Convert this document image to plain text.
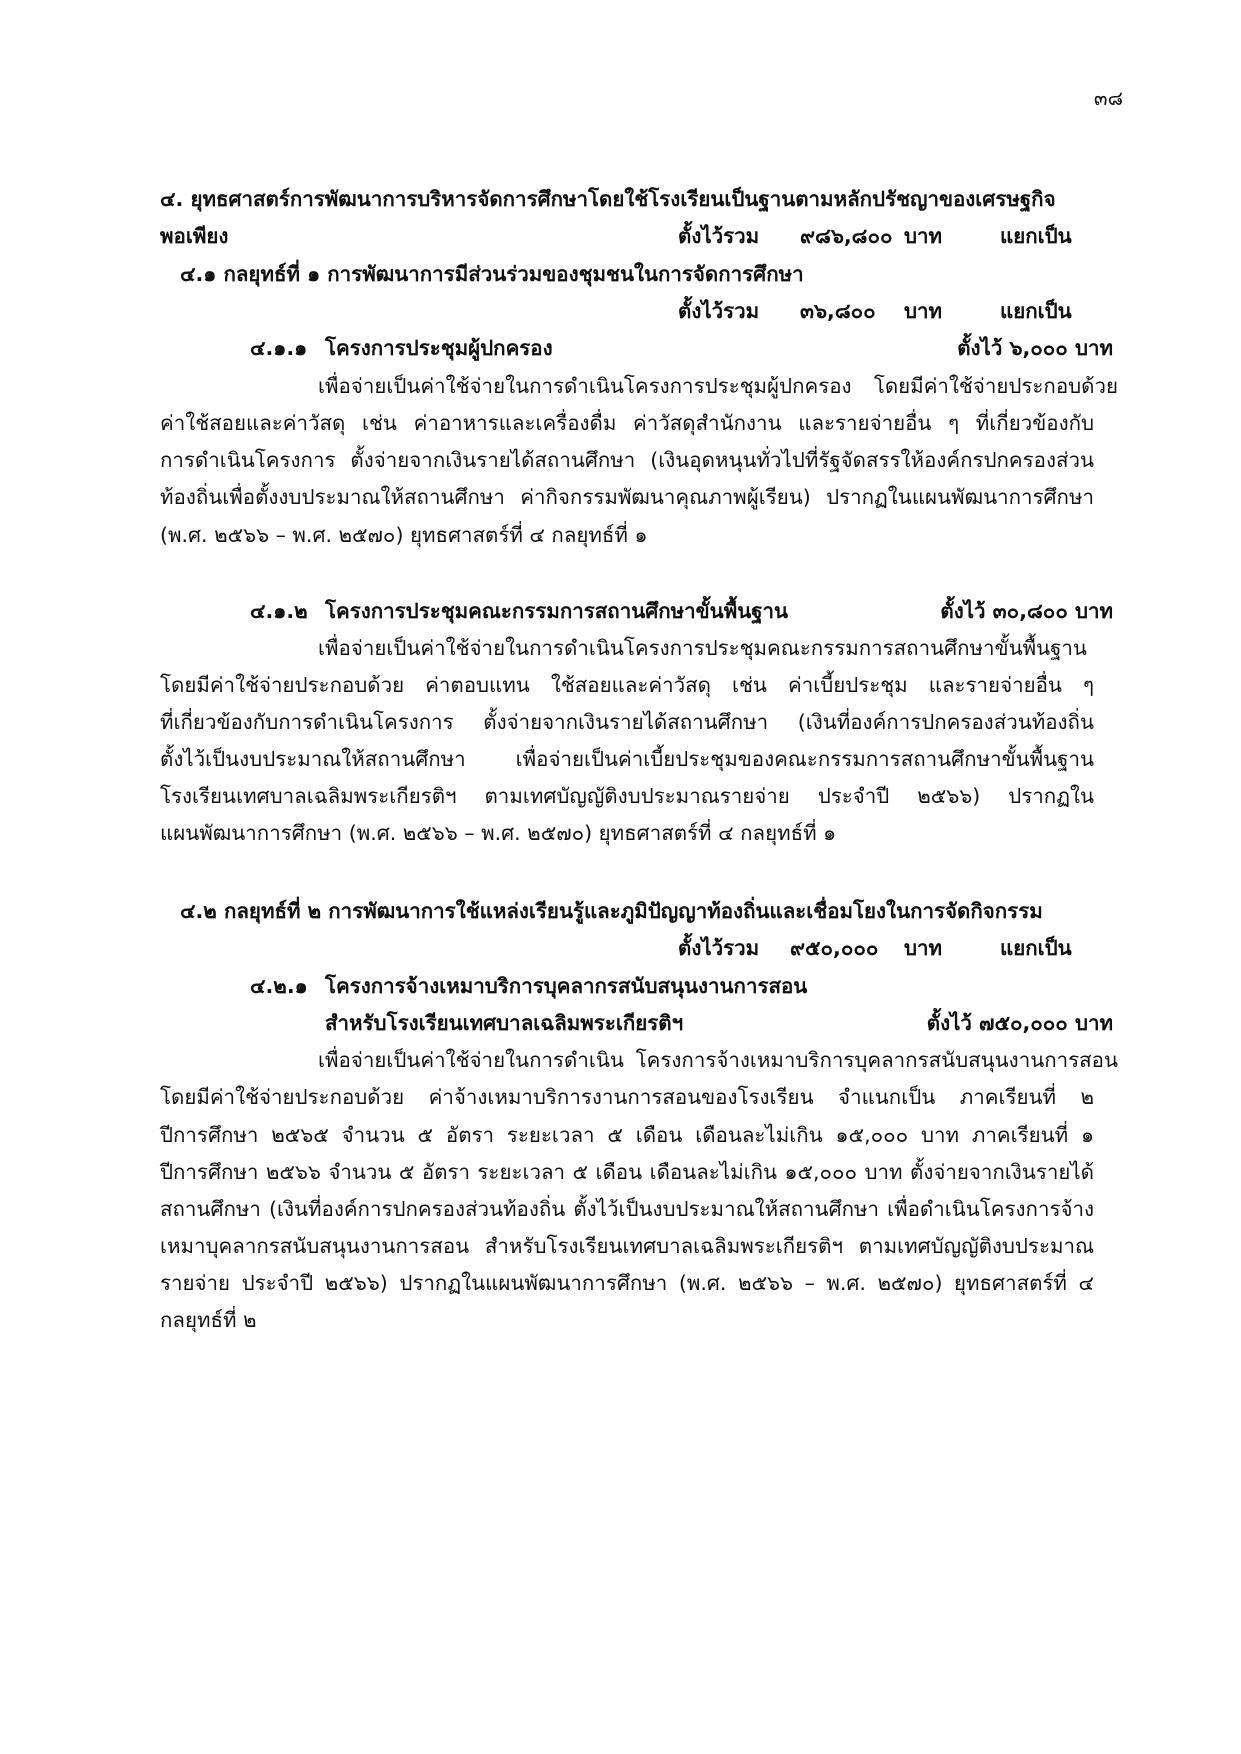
๓๘
๔. ยุทธศาสตร์การพัฒนาการบริหารจัดการศึกษาโดยใช้โรงเรียนเป็นฐานตามหลักปรัชญาของเศรษฐกิจ
พอเพียง	ตั้งไว้รวม ๙๘๖,๘๐๐ บาท	แยกเป็น
๔.๑ กลยุทธ์ที่ ๑ การพัฒนาการมีส่วนร่วมของชุมชนในการจัดการศึกษา
ตั้งไว้รวม ๓๖,๘๐๐ บาท	แยกเป็น
๔.๑.๑ โครงการประชุมผู้ปกครอง	ตั้งไว้ ๖,๐๐๐ บาท
เพื่อจ่ายเป็นค่าใช้จ่ายในการดำเนินโครงการประชุมผู้ปกครอง โดยมีค่าใช้จ่ายประกอบด้วย
ค่าใช้สอยและค่าวัสดุ เช่น ค่าอาหารและเครื่องดื่ม ค่าวัสดุสำนักงาน และรายจ่ายอื่น ๆ ที่เกี่ยวข้องกับ
การดำเนินโครงการ ตั้งจ่ายจากเงินรายได้สถานศึกษา (เงินอุดหนุนทั่วไปที่รัฐจัดสรรให้องค์กรปกครองส่วน
ท้องถิ่นเพื่อตั้งงบประมาณให้สถานศึกษา ค่ากิจกรรมพัฒนาคุณภาพผู้เรียน) ปรากฏในแผนพัฒนาการศึกษา
(พ.ศ. ๒๕๖๖ – พ.ศ. ๒๕๗๐) ยุทธศาสตร์ที่ ๔ กลยุทธ์ที่ ๑
๔.๑.๒ โครงการประชุมคณะกรรมการสถานศึกษาขั้นพื้นฐาน	ตั้งไว้ ๓๐,๘๐๐ บาท
เพื่อจ่ายเป็นค่าใช้จ่ายในการดำเนินโครงการประชุมคณะกรรมการสถานศึกษาขั้นพื้นฐาน
โดยมีค่าใช้จ่ายประกอบด้วย ค่าตอบแทน ใช้สอยและค่าวัสดุ เช่น ค่าเบี้ยประชุม และรายจ่ายอื่น ๆ
ที่เกี่ยวข้องกับการดำเนินโครงการ ตั้งจ่ายจากเงินรายได้สถานศึกษา (เงินที่องค์การปกครองส่วนท้องถิ่น
ตั้งไว้เป็นงบประมาณให้สถานศึกษา เพื่อจ่ายเป็นค่าเบี้ยประชุมของคณะกรรมการสถานศึกษาขั้นพื้นฐาน
โรงเรียนเทศบาลเฉลิมพระเกียรติฯ ตามเทศบัญญัติงบประมาณรายจ่าย ประจำปี ๒๕๖๖) ปรากฏใน
แผนพัฒนาการศึกษา (พ.ศ. ๒๕๖๖ – พ.ศ. ๒๕๗๐) ยุทธศาสตร์ที่ ๔ กลยุทธ์ที่ ๑
๔.๒ กลยุทธ์ที่ ๒ การพัฒนาการใช้แหล่งเรียนรู้และภูมิปัญญาท้องถิ่นและเชื่อมโยงในการจัดกิจกรรม
ตั้งไว้รวม ๙๕๐,๐๐๐ บาท	แยกเป็น
๔.๒.๑ โครงการจ้างเหมาบริการบุคลากรสนับสนุนงานการสอน
สำหรับโรงเรียนเทศบาลเฉลิมพระเกียรติฯ	ตั้งไว้ ๗๕๐,๐๐๐ บาท
เพื่อจ่ายเป็นค่าใช้จ่ายในการดำเนิน โครงการจ้างเหมาบริการบุคลากรสนับสนุนงานการสอน
โดยมีค่าใช้จ่ายประกอบด้วย ค่าจ้างเหมาบริการงานการสอนของโรงเรียน จำแนกเป็น ภาคเรียนที่ ๒
ปีการศึกษา ๒๕๖๕ จำนวน ๕ อัตรา ระยะเวลา ๕ เดือน เดือนละไม่เกิน ๑๕,๐๐๐ บาท ภาคเรียนที่ ๑
ปีการศึกษา ๒๕๖๖ จำนวน ๕ อัตรา ระยะเวลา ๕ เดือน เดือนละไม่เกิน ๑๕,๐๐๐ บาท ตั้งจ่ายจากเงินรายได้
สถานศึกษา (เงินที่องค์การปกครองส่วนท้องถิ่น ตั้งไว้เป็นงบประมาณให้สถานศึกษา เพื่อดำเนินโครงการจ้าง
เหมาบุคลากรสนับสนุนงานการสอน สำหรับโรงเรียนเทศบาลเฉลิมพระเกียรติฯ ตามเทศบัญญัติงบประมาณ
รายจ่าย ประจำปี ๒๕๖๖) ปรากฏในแผนพัฒนาการศึกษา (พ.ศ. ๒๕๖๖ – พ.ศ. ๒๕๗๐) ยุทธศาสตร์ที่ ๔
กลยุทธ์ที่ ๒
